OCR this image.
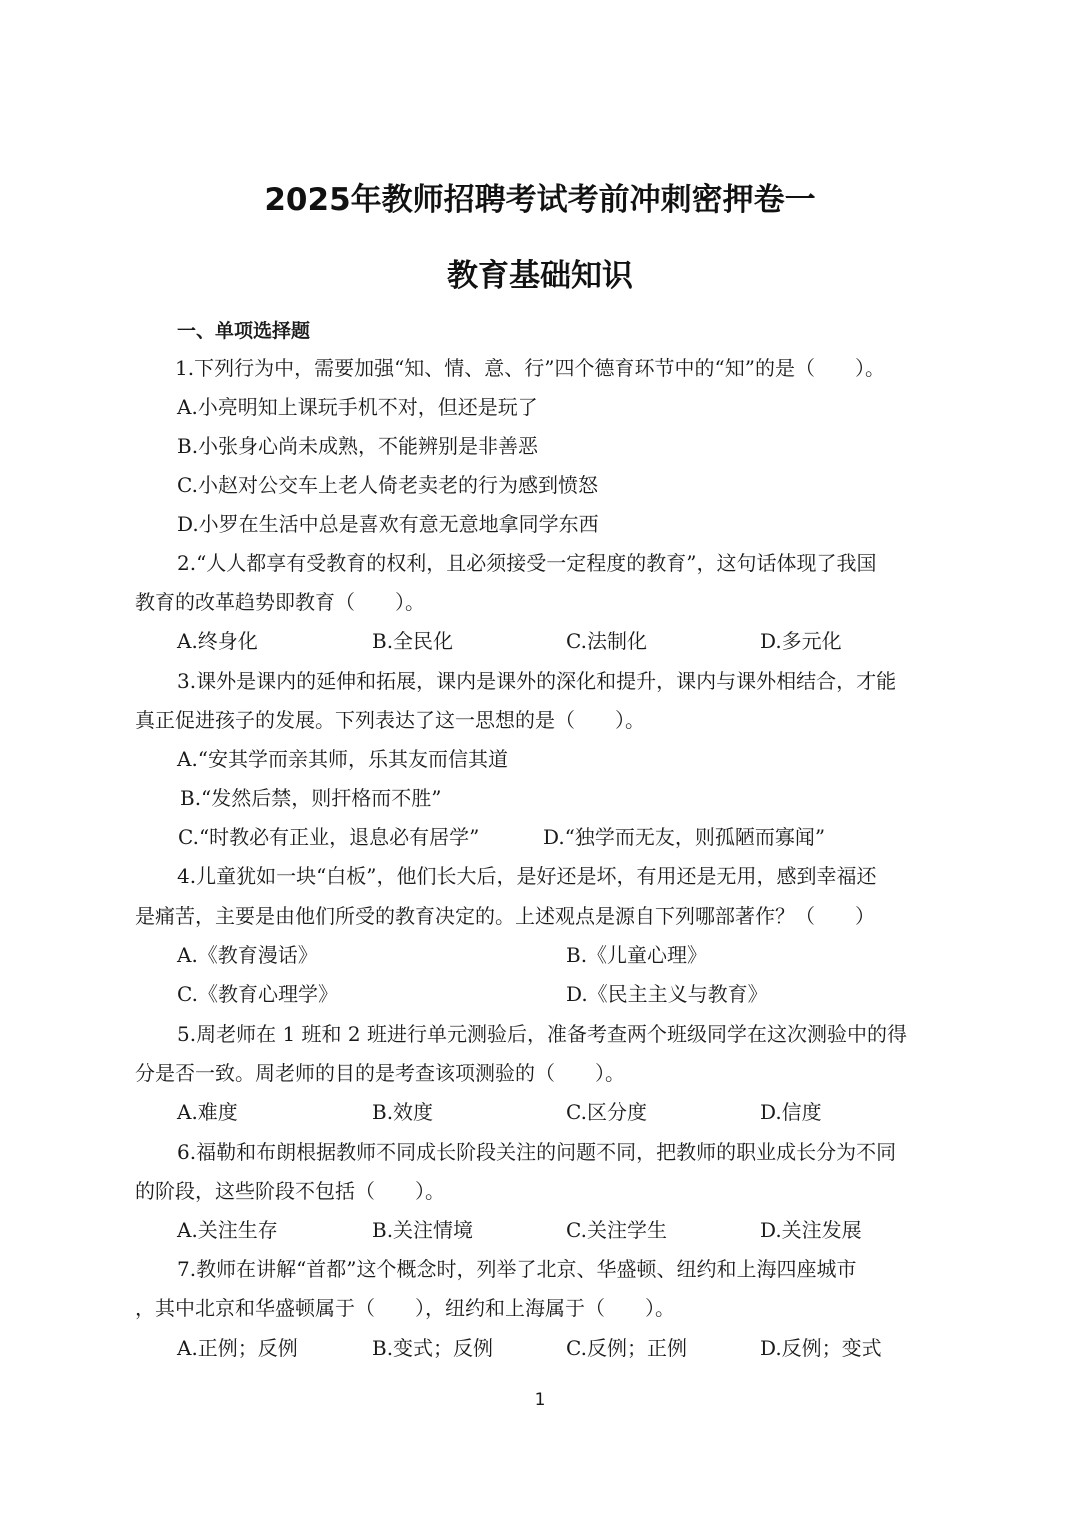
2025年教师招聘考试考前冲刺密押卷一
教育基础知识
一、单项选择题
1.下列行为中，需要加强“知、情、意、行”四个德育环节中的“知”的是（　　）。
A.小亮明知上课玩手机不对，但还是玩了
B.小张身心尚未成熟，不能辨别是非善恶
C.小赵对公交车上老人倚老卖老的行为感到愤怒
D.小罗在生活中总是喜欢有意无意地拿同学东西
2.“人人都享有受教育的权利，且必须接受一定程度的教育”，这句话体现了我国
教育的改革趋势即教育（　　）。
A.终身化	B.全民化	C.法制化	D.多元化
3.课外是课内的延伸和拓展，课内是课外的深化和提升，课内与课外相结合，才能
真正促进孩子的发展。下列表达了这一思想的是（　　）。
A.“安其学而亲其师，乐其友而信其道
B.“发然后禁，则扞格而不胜”
C.“时教必有正业，退息必有居学”	D.“独学而无友，则孤陋而寡闻”
4.儿童犹如一块“白板”，他们长大后，是好还是坏，有用还是无用，感到幸福还
是痛苦，主要是由他们所受的教育决定的。上述观点是源自下列哪部著作？（　　）
A.《教育漫话》	B.《儿童心理》
C.《教育心理学》	D.《民主主义与教育》
5.周老师在 1 班和 2 班进行单元测验后，准备考查两个班级同学在这次测验中的得
分是否一致。周老师的目的是考查该项测验的（　　）。
A.难度	B.效度	C.区分度	D.信度
6.福勒和布朗根据教师不同成长阶段关注的问题不同，把教师的职业成长分为不同
的阶段，这些阶段不包括（　　）。
A.关注生存	B.关注情境	C.关注学生	D.关注发展
7.教师在讲解“首都”这个概念时，列举了北京、华盛顿、纽约和上海四座城市
，其中北京和华盛顿属于（　　），纽约和上海属于（　　）。
A.正例；反例	B.变式；反例	C.反例；正例	D.反例；变式
1
